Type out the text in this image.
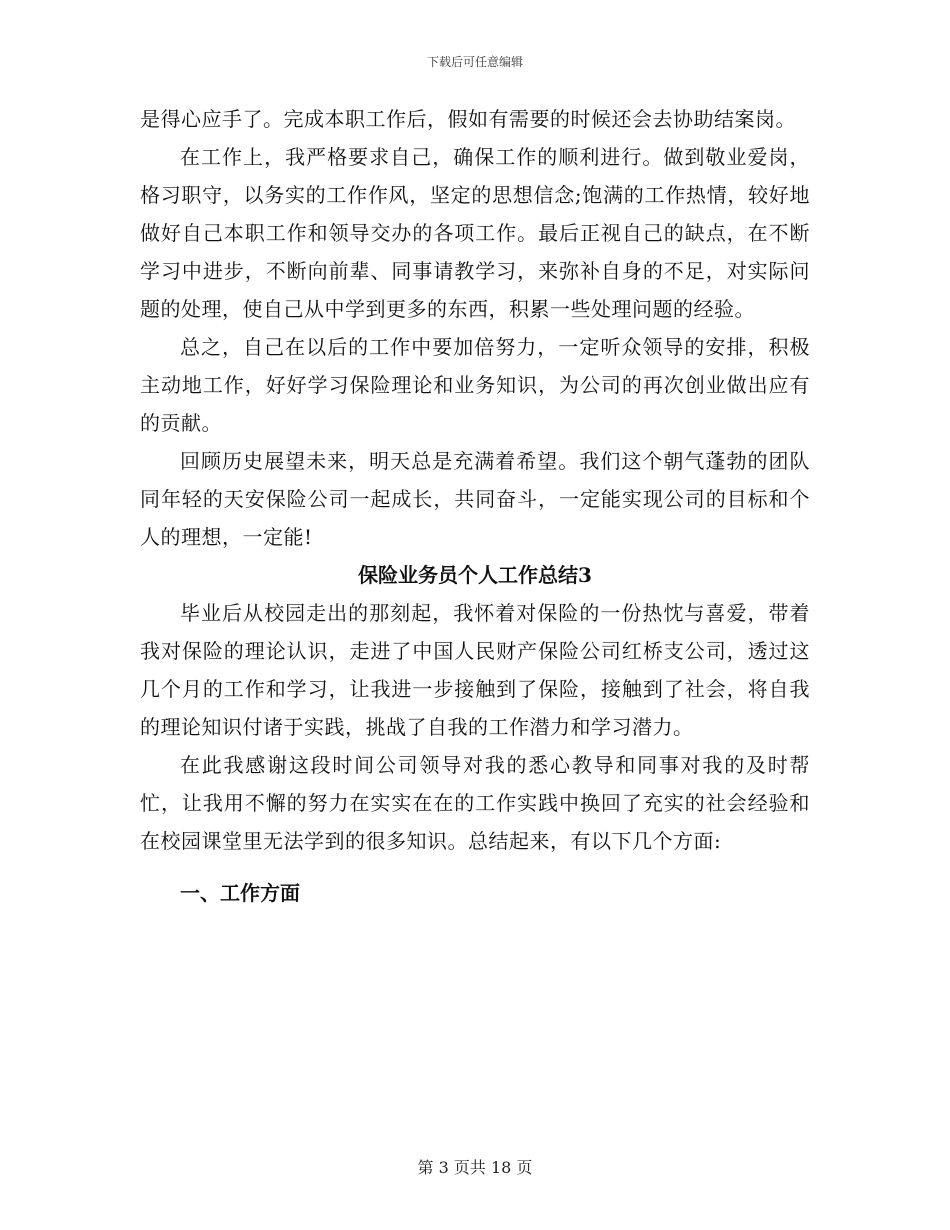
下载后可任意编辑

是得心应手了。完成本职工作后，假如有需要的时候还会去协助结案岗。

在工作上，我严格要求自己，确保工作的顺利进行。做到敬业爱岗，格习职守，以务实的工作作风，坚定的思想信念;饱满的工作热情，较好地做好自己本职工作和领导交办的各项工作。最后正视自己的缺点，在不断学习中进步，不断向前辈、同事请教学习，来弥补自身的不足，对实际问题的处理，使自己从中学到更多的东西，积累一些处理问题的经验。

总之，自己在以后的工作中要加倍努力，一定听众领导的安排，积极主动地工作，好好学习保险理论和业务知识，为公司的再次创业做出应有的贡献。

回顾历史展望未来，明天总是充满着希望。我们这个朝气蓬勃的团队同年轻的天安保险公司一起成长，共同奋斗，一定能实现公司的目标和个人的理想，一定能!

保险业务员个人工作总结3

毕业后从校园走出的那刻起，我怀着对保险的一份热忱与喜爱，带着我对保险的理论认识，走进了中国人民财产保险公司红桥支公司，透过这几个月的工作和学习，让我进一步接触到了保险，接触到了社会，将自我的理论知识付诸于实践，挑战了自我的工作潜力和学习潜力。

在此我感谢这段时间公司领导对我的悉心教导和同事对我的及时帮忙，让我用不懈的努力在实实在在的工作实践中换回了充实的社会经验和在校园课堂里无法学到的很多知识。总结起来，有以下几个方面:

一、工作方面

第 3 页共 18 页
